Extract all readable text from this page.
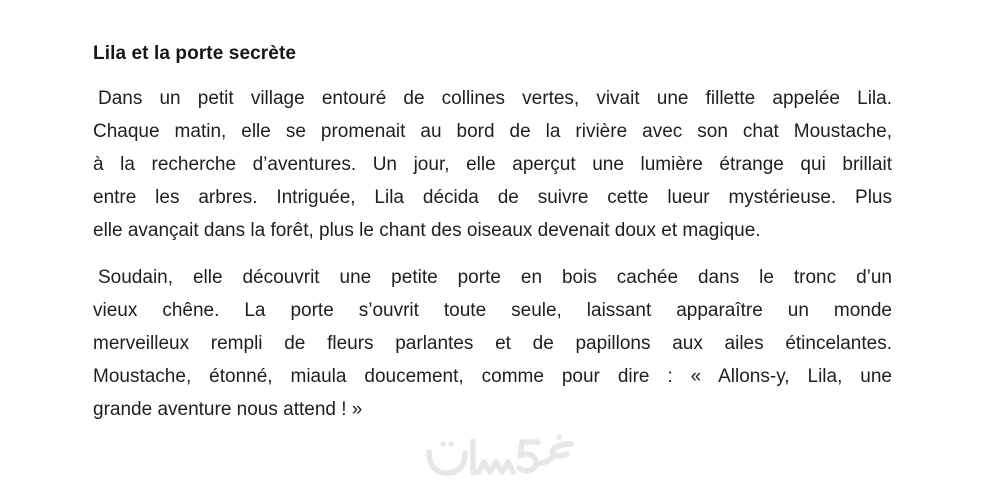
Lila et la porte secrète

Dans un petit village entouré de collines vertes, vivait une fillette appelée Lila.
Chaque matin, elle se promenait au bord de la rivière avec son chat Moustache,
à la recherche d’aventures. Un jour, elle aperçut une lumière étrange qui brillait
entre les arbres. Intriguée, Lila décida de suivre cette lueur mystérieuse. Plus
elle avançait dans la forêt, plus le chant des oiseaux devenait doux et magique.

Soudain, elle découvrit une petite porte en bois cachée dans le tronc d’un
vieux chêne. La porte s’ouvrit toute seule, laissant apparaître un monde
merveilleux rempli de fleurs parlantes et de papillons aux ailes étincelantes.
Moustache, étonné, miaula doucement, comme pour dire : « Allons-y, Lila, une
grande aventure nous attend ! »
